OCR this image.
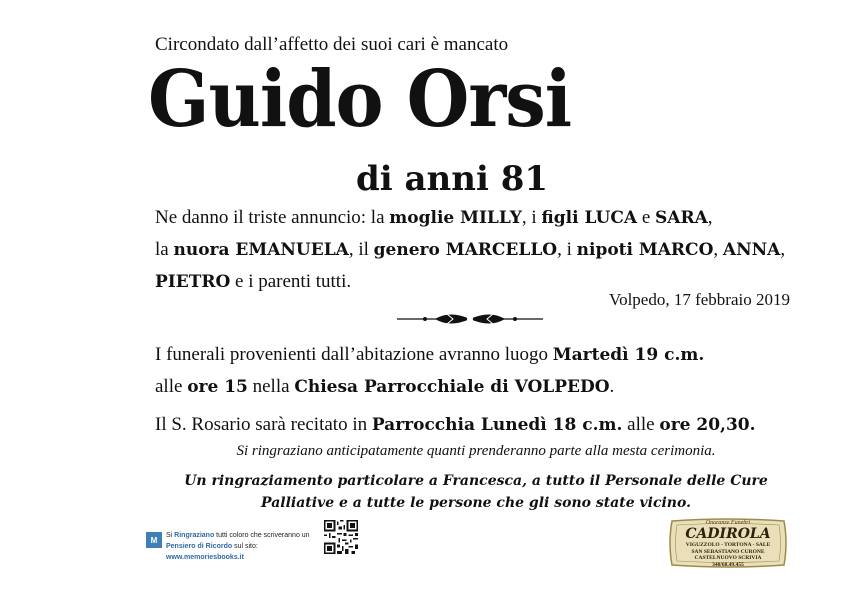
Circondato dall’affetto dei suoi cari è mancato
Guido Orsi
di anni 81
Ne danno il triste annuncio: la moglie MILLY, i figli LUCA e SARA,
la nuora EMANUELA, il genero MARCELLO, i nipoti MARCO, ANNA,
PIETRO e i parenti tutti.
Volpedo, 17 febbraio 2019
I funerali provenienti dall’abitazione avranno luogo Martedì 19 c.m.
alle ore 15 nella Chiesa Parrocchiale di VOLPEDO.
Il S. Rosario sarà recitato in Parrocchia Lunedì 18 c.m. alle ore 20,30.
Si ringraziano anticipatamente quanti prenderanno parte alla mesta cerimonia.
Un ringraziamento particolare a Francesca, a tutto il Personale delle Cure
Palliative e a tutte le persone che gli sono state vicino.
M	Si Ringraziano tutti coloro che scriveranno un
Pensiero di Ricordo sul sito: www.memoriesbooks.it
Onoranze Funebri
CADIROLA
VIGUZZOLO - TORTONA - SALE
SAN SEBASTIANO CURONE
CASTELNUOVO SCRIVIA
340/68.49.455
